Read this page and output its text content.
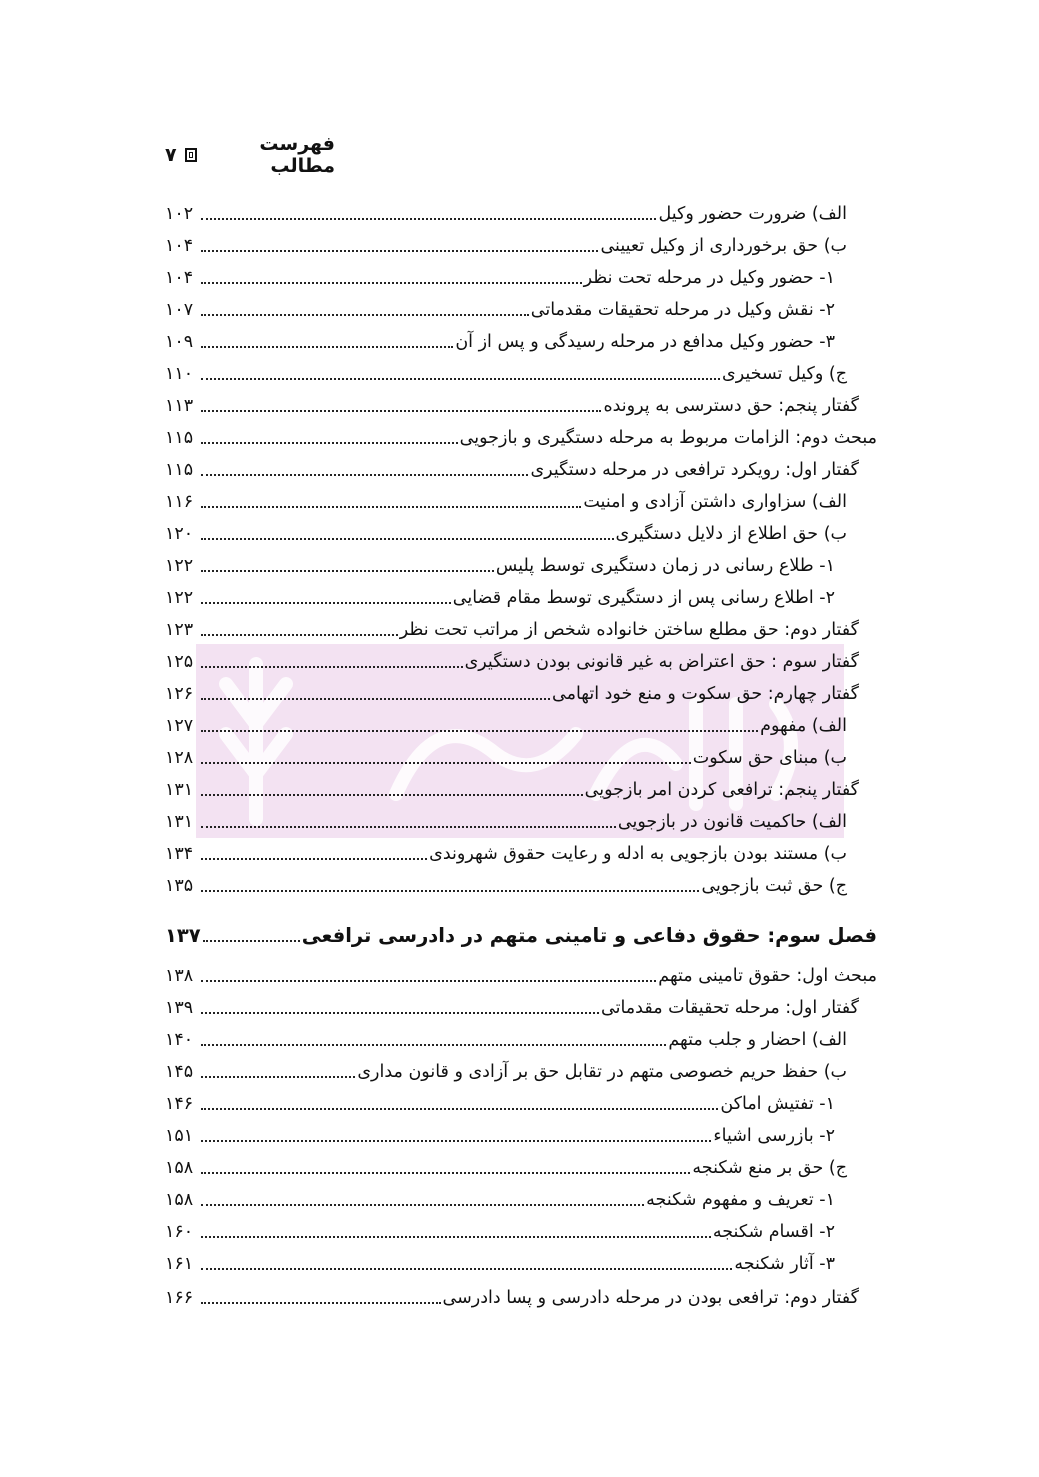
فهرست مطالب
۷
الف) ضرورت حضور وکیل
۱۰۲
ب) حق برخورداری از وکیل تعیینی
۱۰۴
۱- حضور وکیل در مرحله تحت نظر
۱۰۴
۲- نقش وکیل در مرحله تحقیقات مقدماتی
۱۰۷
۳- حضور وکیل مدافع در مرحله رسیدگی و پس از آن
۱۰۹
ج) وکیل تسخیری
۱۱۰
گفتار پنجم: حق دسترسی به پرونده
۱۱۳
مبحث دوم: الزامات مربوط به مرحله دستگیری و بازجویی
۱۱۵
گفتار اول: رویکرد ترافعی در مرحله دستگیری
۱۱۵
الف) سزاواری داشتن آزادی و امنیت
۱۱۶
ب) حق اطلاع از دلایل دستگیری
۱۲۰
۱- طلاع رسانی در زمان دستگیری توسط پلیس
۱۲۲
۲- اطلاع رسانی پس از دستگیری توسط مقام قضایی
۱۲۲
گفتار دوم: حق مطلع ساختن خانواده شخص از مراتب تحت نظر
۱۲۳
گفتار سوم : حق اعتراض به غیر قانونی بودن دستگیری
۱۲۵
گفتار چهارم: حق سکوت و منع خود اتهامی
۱۲۶
الف) مفهوم
۱۲۷
ب) مبنای حق سکوت
۱۲۸
گفتار پنجم: ترافعی کردن امر بازجویی
۱۳۱
الف) حاکمیت قانون در بازجویی
۱۳۱
ب) مستند بودن بازجویی به ادله و رعایت حقوق شهروندی
۱۳۴
ج) حق ثبت بازجویی
۱۳۵
فصل سوم: حقوق دفاعی و تامینی متهم در دادرسی ترافعی
۱۳۷
مبحث اول: حقوق تامینی متهم
۱۳۸
گفتار اول: مرحله تحقیقات مقدماتی
۱۳۹
الف) احضار و جلب متهم
۱۴۰
ب) حفظ حریم خصوصی متهم در تقابل حق بر آزادی و قانون مداری
۱۴۵
۱- تفتیش اماکن
۱۴۶
۲- بازرسی اشیاء
۱۵۱
ج) حق بر منع شکنجه
۱۵۸
۱- تعریف و مفهوم شکنجه
۱۵۸
۲- اقسام شکنجه
۱۶۰
۳- آثار شکنجه
۱۶۱
گفتار دوم: ترافعی بودن در مرحله دادرسی و پسا دادرسی
۱۶۶
